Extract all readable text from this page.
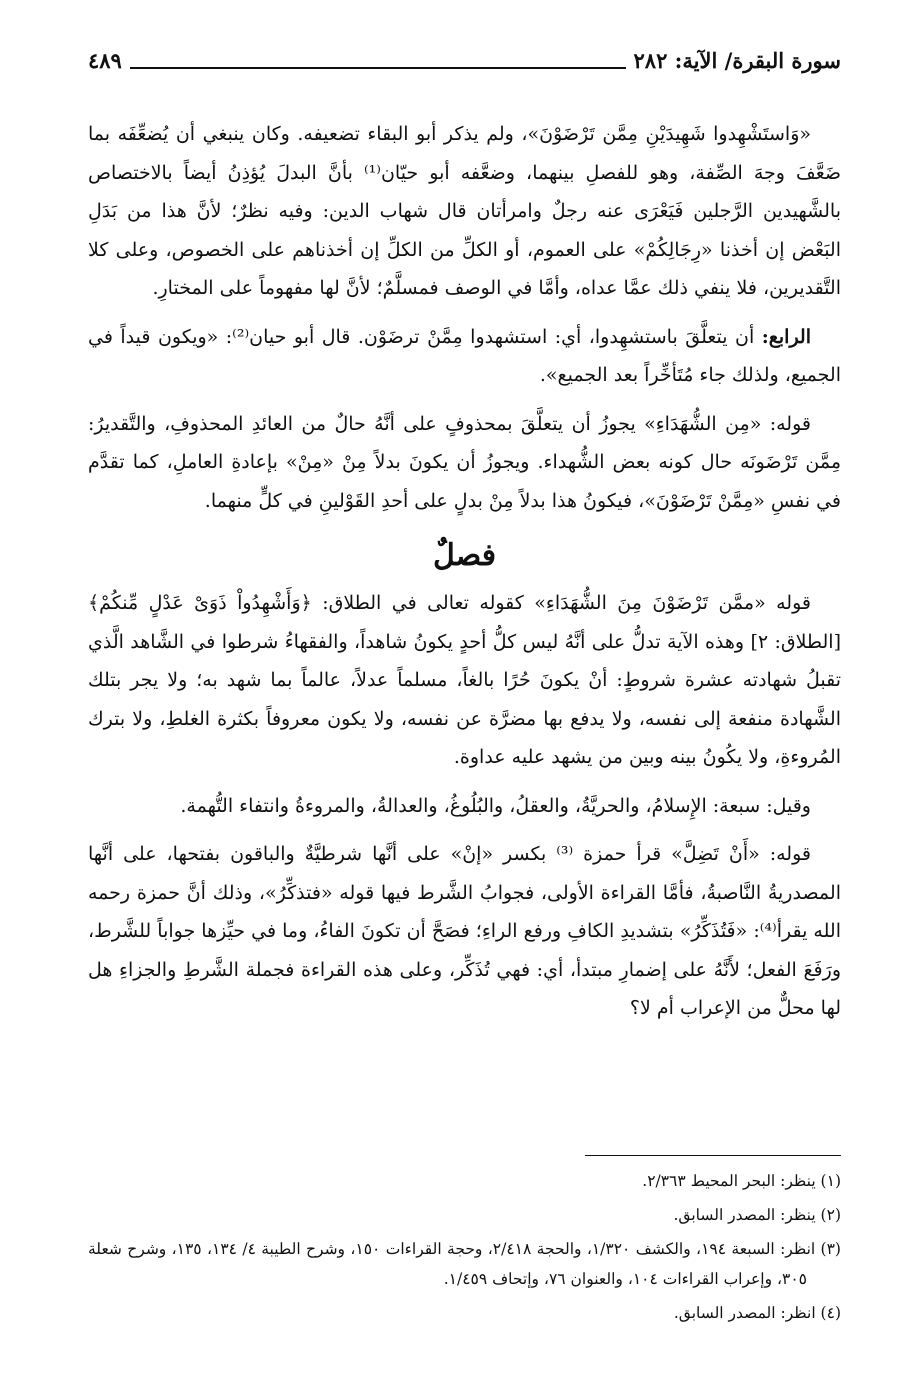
سورة البقرة/ الآية: ٢٨٢
٤٨٩

«وَاستَشْهِدوا شَهِيدَيْنِ مِمَّن تَرْضَوْنَ»، ولم يذكر أبو البقاء تضعيفه. وكان ينبغي أن يُضعِّفَه بما ضَعَّفَ وجهَ الصِّفة، وهو للفصلِ بينهما، وضعَّفه أبو حيّان⁽¹⁾ بأنَّ البدلَ يُؤذِنُ أيضاً بالاختصاص بالشَّهيدين الرَّجلين فَيَعْرَى عنه رجلٌ وامرأتان قال شهاب الدين: وفيه نظرٌ؛ لأنَّ هذا من بَدَلِ البَعْض إن أخذنا «رِجَالِكُمْ» على العموم، أو الكلِّ من الكلِّ إن أخذناهم على الخصوص، وعلى كلا التَّقديرين، فلا ينفي ذلك عمَّا عداه، وأمَّا في الوصف فمسلَّمٌ؛ لأنَّ لها مفهوماً على المختارِ.

الرابع: أن يتعلَّقَ باستشهِدوا، أي: استشهدوا مِمَّنْ ترضَوْن. قال أبو حيان⁽²⁾: «ويكون قيداً في الجميع، ولذلك جاء مُتَأخِّراً بعد الجميع».

قوله: «مِن الشُّهَدَاءِ» يجوزُ أن يتعلَّقَ بمحذوفٍ على أنَّهُ حالٌ من العائدِ المحذوفِ، والتَّقديرُ: مِمَّن تَرْضَونَه حال كونه بعض الشُّهداء. ويجوزُ أن يكونَ بدلاً مِنْ «مِنْ» بإعادةِ العاملِ، كما تقدَّم في نفسِ «مِمَّنْ تَرْضَوْنَ»، فيكونُ هذا بدلاً مِنْ بدلٍ على أحدِ القَوْلينِ في كلٍّ منهما.

فصلٌ

قوله «ممَّن تَرْضَوْنَ مِنَ الشُّهَدَاءِ» كقوله تعالى في الطلاق: ﴿وَأَشْهِدُواْ ذَوَىْ عَدْلٍ مِّنكُمْ﴾ [الطلاق: ٢] وهذه الآية تدلُّ على أنَّهُ ليس كلُّ أحدٍ يكونُ شاهداً، والفقهاءُ شرطوا في الشَّاهد الَّذي تقبلُ شهادته عشرة شروطٍ: أنْ يكونَ حُرًا بالغاً، مسلماً عدلاً، عالماً بما شهد به؛ ولا يجر بتلك الشَّهادة منفعة إلى نفسه، ولا يدفع بها مضرَّة عن نفسه، ولا يكون معروفاً بكثرة الغلطِ، ولا بترك المُروءةِ، ولا يكُونُ بينه وبين من يشهد عليه عداوة.

وقيل: سبعة: الإِسلامُ، والحريَّةُ، والعقلُ، والبُلُوغُ، والعدالةُ، والمروءةُ وانتفاء التُّهمة.

قوله: «أَنْ تَضِلَّ» قرأ حمزة ⁽³⁾ بكسر «إنْ» على أنَّها شرطيَّةٌ والباقون بفتحها، على أنَّها المصدريةُ النَّاصبةُ، فأمَّا القراءة الأولى، فجوابُ الشَّرط فيها قوله «فتذكِّرُ»، وذلك أنَّ حمزة رحمه الله يقرأ⁽⁴⁾: «فَتُذَكِّرُ» بتشديدِ الكافِ ورفع الراءِ؛ فصَحَّ أن تكونَ الفاءُ، وما في حيِّزها جواباً للشَّرط، ورَفَعَ الفعل؛ لأَنَّهُ على إضمارِ مبتدأ، أي: فهي تُذَكِّر، وعلى هذه القراءة فجملة الشَّرطِ والجزاءِ هل لها محلٌّ من الإعراب أم لا؟

(١) ينظر: البحر المحيط ٢/٣٦٣.

(٢) ينظر: المصدر السابق.

(٣) انظر: السبعة ١٩٤، والكشف ١/٣٢٠، والحجة ٢/٤١٨، وحجة القراءات ١٥٠، وشرح الطيبة ٤/ ١٣٤، ١٣٥، وشرح شعلة ٣٠٥، وإعراب القراءات ١٠٤، والعنوان ٧٦، وإتحاف ١/٤٥٩.

(٤) انظر: المصدر السابق.
